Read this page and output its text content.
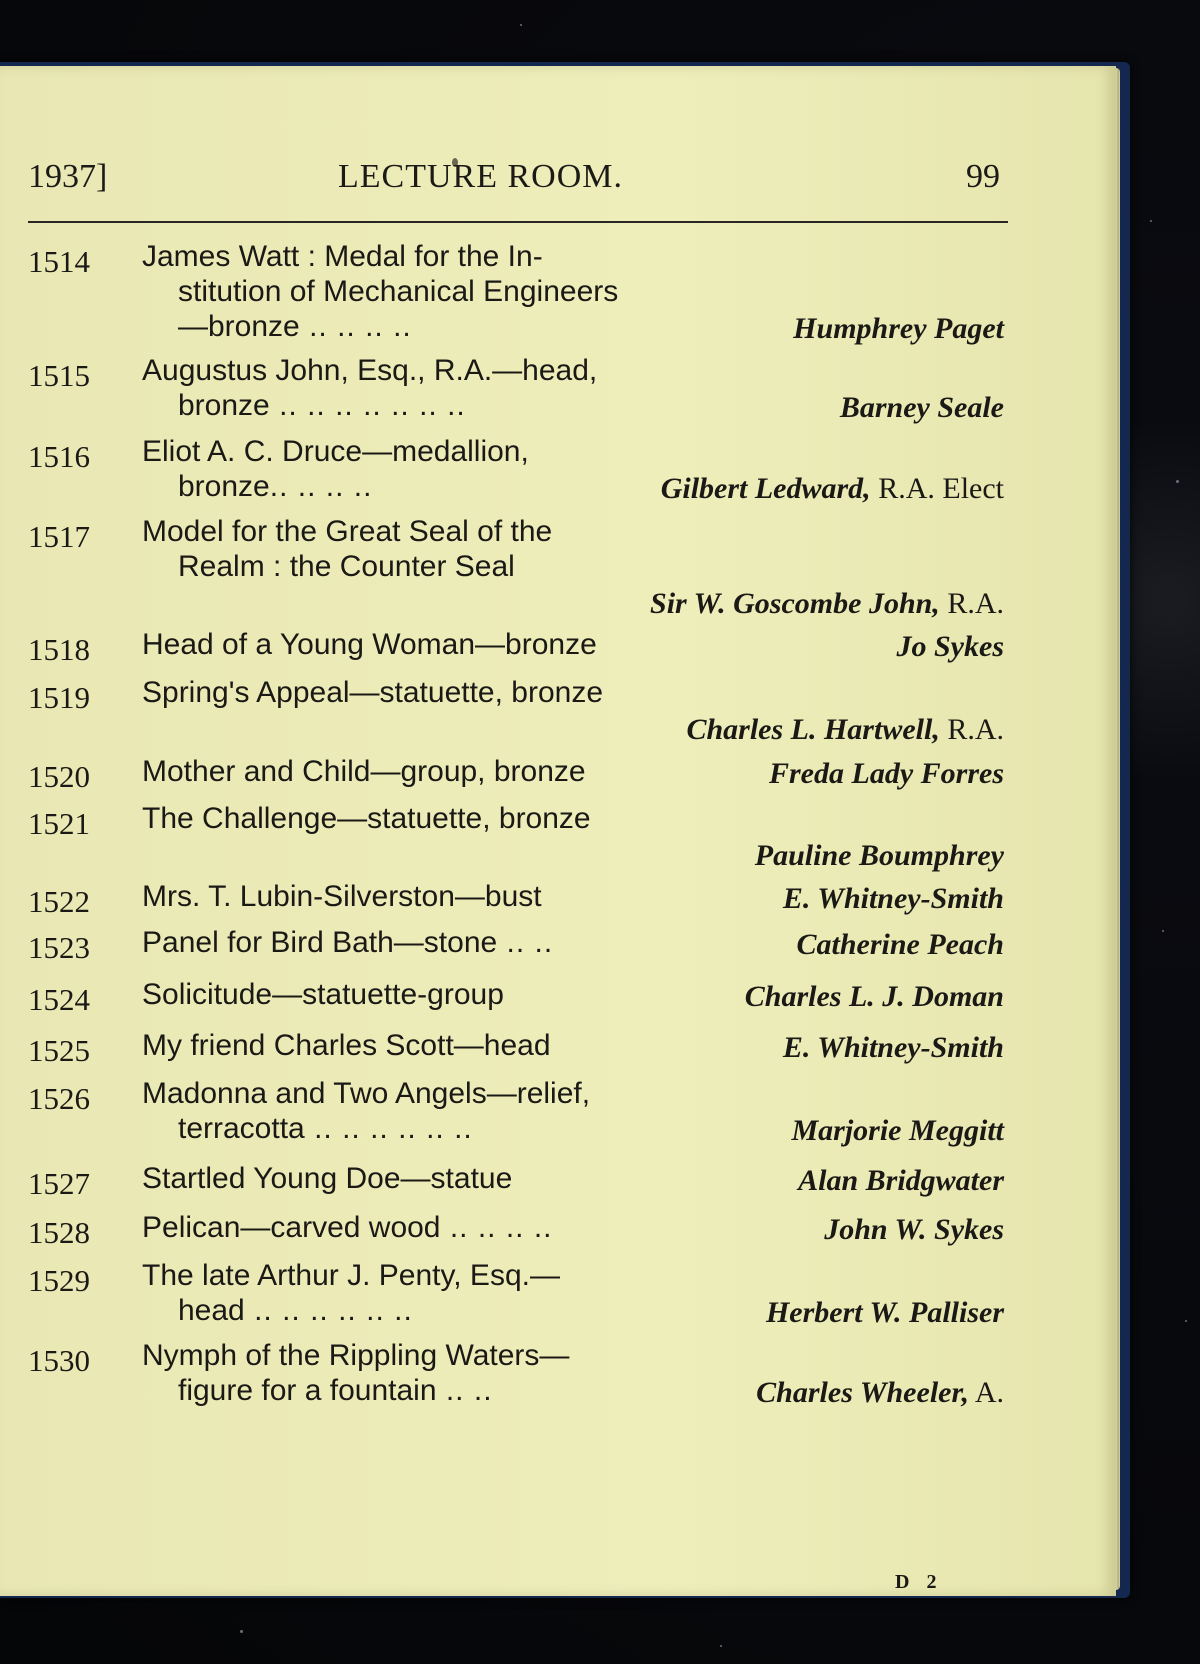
D 2
1937]	LECTURE ROOM.	99
1514 James Watt : Medal for the In-
stitution of Mechanical Engineers
—bronze .. .. .. ..	Humphrey Paget
1515 Augustus John, Esq., R.A.—head,
bronze .. .. .. .. .. .. ..	Barney Seale
1516 Eliot A. C. Druce—medallion,
bronze.. .. .. ..	Gilbert Ledward, R.A. Elect
1517 Model for the Great Seal of the
Realm : the Counter Seal
Sir W. Goscombe John, R.A.
1518 Head of a Young Woman—bronze	Jo Sykes
1519 Spring's Appeal—statuette, bronze
Charles L. Hartwell, R.A.
1520 Mother and Child—group, bronze	Freda Lady Forres
1521 The Challenge—statuette, bronze
Pauline Boumphrey
1522 Mrs. T. Lubin-Silverston—bust	E. Whitney-Smith
1523 Panel for Bird Bath—stone .. ..	Catherine Peach
1524 Solicitude—statuette-group	Charles L. J. Doman
1525 My friend Charles Scott—head	E. Whitney-Smith
1526 Madonna and Two Angels—relief,
terracotta .. .. .. .. .. ..	Marjorie Meggitt
1527 Startled Young Doe—statue	Alan Bridgwater
1528 Pelican—carved wood .. .. .. ..	John W. Sykes
1529 The late Arthur J. Penty, Esq.—
head .. .. .. .. .. ..	Herbert W. Palliser
1530 Nymph of the Rippling Waters—
figure for a fountain .. ..	Charles Wheeler, A.
